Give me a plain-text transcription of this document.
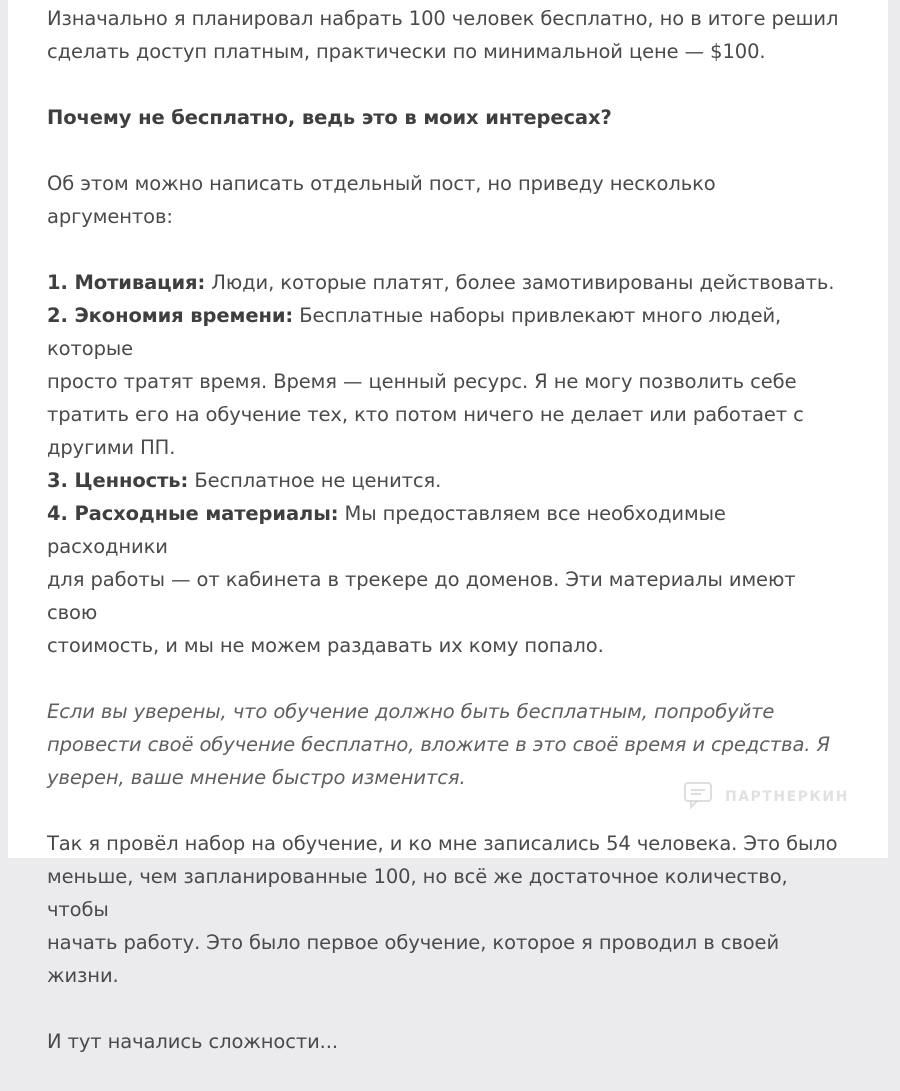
Изначально я планировал набрать 100 человек бесплатно, но в итоге решил
сделать доступ платным, практически по минимальной цене — $100.

Почему не бесплатно, ведь это в моих интересах?

Об этом можно написать отдельный пост, но приведу несколько аргументов:

1. Мотивация: Люди, которые платят, более замотивированы действовать.
2. Экономия времени: Бесплатные наборы привлекают много людей, которые
просто тратят время. Время — ценный ресурс. Я не могу позволить себе
тратить его на обучение тех, кто потом ничего не делает или работает с
другими ПП.
3. Ценность: Бесплатное не ценится.
4. Расходные материалы: Мы предоставляем все необходимые расходники
для работы — от кабинета в трекере до доменов. Эти материалы имеют свою
стоимость, и мы не можем раздавать их кому попало.

Если вы уверены, что обучение должно быть бесплатным, попробуйте
провести своё обучение бесплатно, вложите в это своё время и средства. Я
уверен, ваше мнение быстро изменится.

Так я провёл набор на обучение, и ко мне записались 54 человека. Это было
меньше, чем запланированные 100, но всё же достаточное количество, чтобы
начать работу. Это было первое обучение, которое я проводил в своей жизни.

И тут начались сложности...

ПАРТНЕРКИН
